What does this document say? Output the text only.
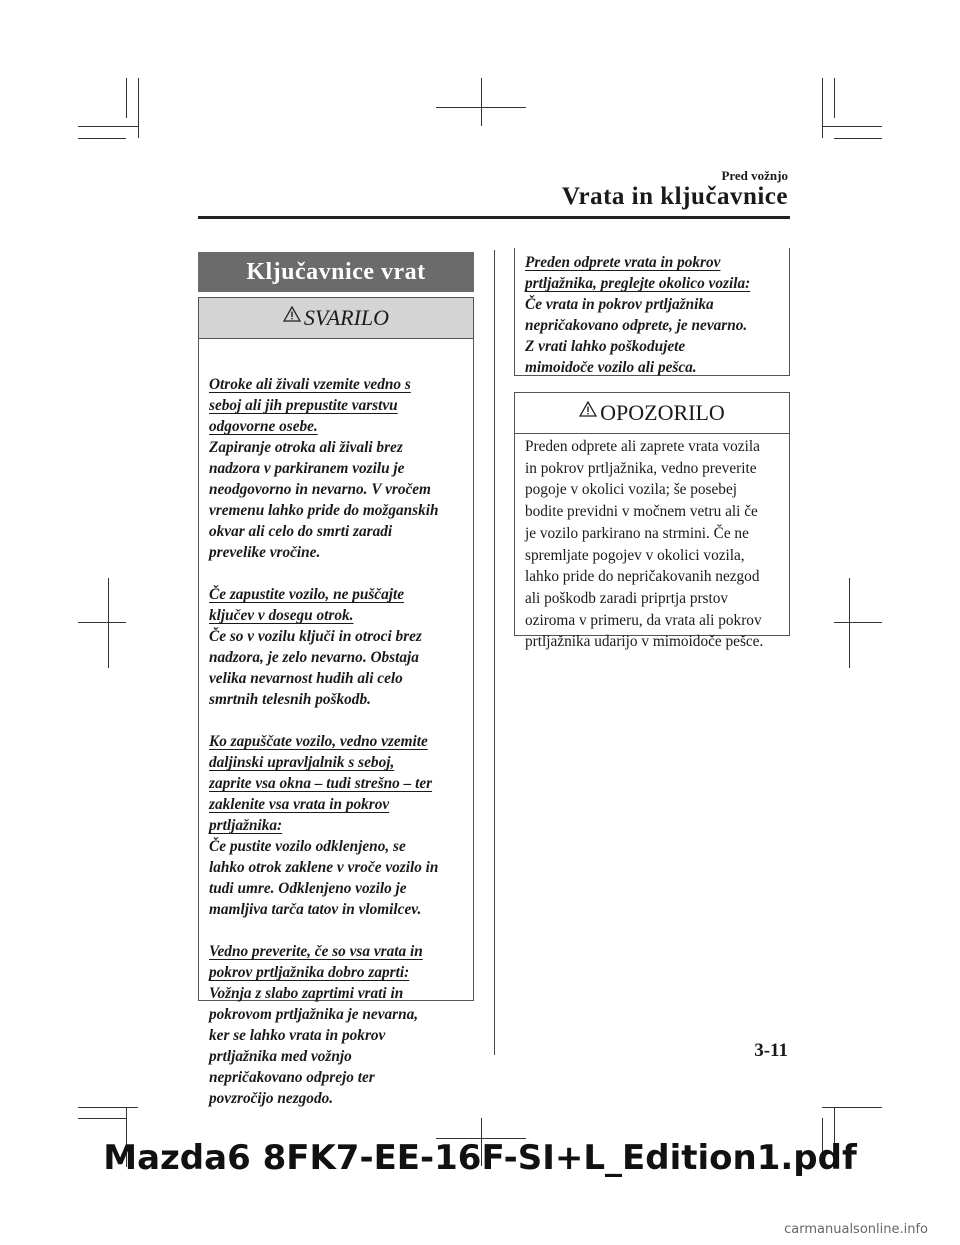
Pred vožnjo
Vrata in ključavnice
Ključavnice vrat
SVARILO

Otroke ali živali vzemite vedno s

seboj ali jih prepustite varstvu

odgovorne osebe.

Zapiranje otroka ali živali brez

nadzora v parkiranem vozilu je

neodgovorno in nevarno. V vročem

vremenu lahko pride do možganskih

okvar ali celo do smrti zaradi

prevelike vročine.

Če zapustite vozilo, ne puščajte

ključev v dosegu otrok.

Če so v vozilu ključi in otroci brez

nadzora, je zelo nevarno. Obstaja

velika nevarnost hudih ali celo

smrtnih telesnih poškodb.

Ko zapuščate vozilo, vedno vzemite

daljinski upravljalnik s seboj,

zaprite vsa okna – tudi strešno – ter

zaklenite vsa vrata in pokrov

prtljažnika:

Če pustite vozilo odklenjeno, se

lahko otrok zaklene v vroče vozilo in

tudi umre. Odklenjeno vozilo je

mamljiva tarča tatov in vlomilcev.

Vedno preverite, če so vsa vrata in

pokrov prtljažnika dobro zaprti:

Vožnja z slabo zaprtimi vrati in

pokrovom prtljažnika je nevarna,

ker se lahko vrata in pokrov

prtljažnika med vožnjo

nepričakovano odprejo ter

povzročijo nezgodo.

Preden odprete vrata in pokrov

prtljažnika, preglejte okolico vozila:

Če vrata in pokrov prtljažnika

nepričakovano odprete, je nevarno.

Z vrati lahko poškodujete

mimoidoče vozilo ali pešca.

OPOZORILO

Preden odprete ali zaprete vrata vozila

in pokrov prtljažnika, vedno preverite

pogoje v okolici vozila; še posebej

bodite previdni v močnem vetru ali če

je vozilo parkirano na strmini. Če ne

spremljate pogojev v okolici vozila,

lahko pride do nepričakovanih nezgod

ali poškodb zaradi priprtja prstov

oziroma v primeru, da vrata ali pokrov

prtljažnika udarijo v mimoidoče pešce.

3-11
Mazda6 8FK7-EE-16F-SI+L_Edition1.pdf
carmanualsonline.info
